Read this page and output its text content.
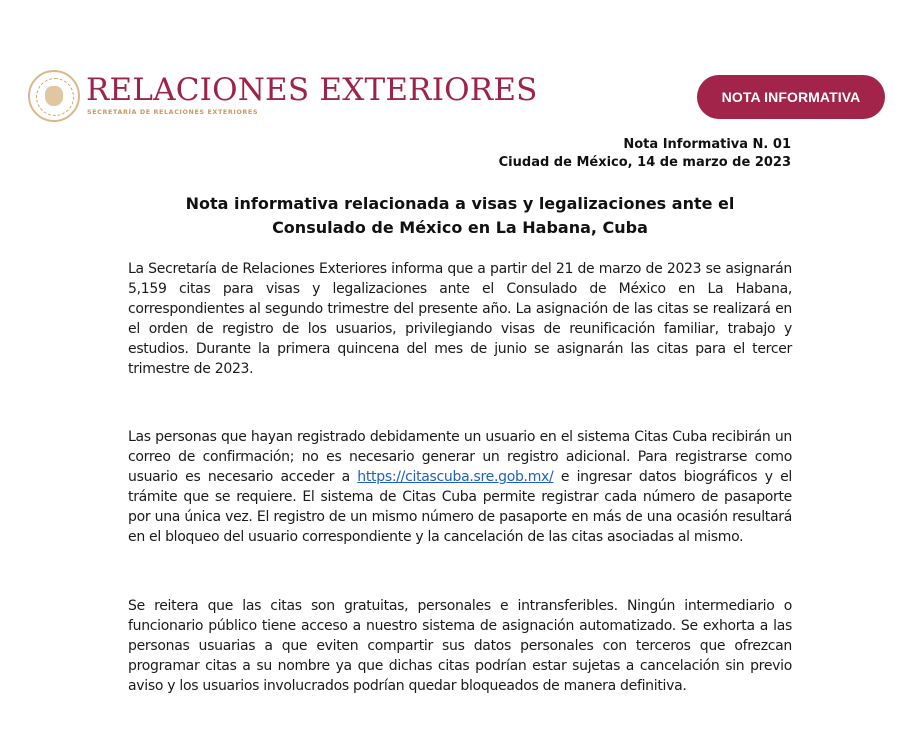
RELACIONES EXTERIORES
SECRETARÍA DE RELACIONES EXTERIORES
NOTA INFORMATIVA
Nota Informativa N. 01
Ciudad de México, 14 de marzo de 2023
Nota informativa relacionada a visas y legalizaciones ante el
Consulado de México en La Habana, Cuba
La Secretaría de Relaciones Exteriores informa que a partir del 21 de marzo de 2023 se asignarán 5,159 citas para visas y legalizaciones ante el Consulado de México en La Habana, correspondientes al segundo trimestre del presente año. La asignación de las citas se realizará en el orden de registro de los usuarios, privilegiando visas de reunificación familiar, trabajo y estudios. Durante la primera quincena del mes de junio se asignarán las citas para el tercer trimestre de 2023.
Las personas que hayan registrado debidamente un usuario en el sistema Citas Cuba recibirán un correo de confirmación; no es necesario generar un registro adicional. Para registrarse como usuario es necesario acceder a https://citascuba.sre.gob.mx/ e ingresar datos biográficos y el trámite que se requiere. El sistema de Citas Cuba permite registrar cada número de pasaporte por una única vez. El registro de un mismo número de pasaporte en más de una ocasión resultará en el bloqueo del usuario correspondiente y la cancelación de las citas asociadas al mismo.
Se reitera que las citas son gratuitas, personales e intransferibles. Ningún intermediario o funcionario público tiene acceso a nuestro sistema de asignación automatizado. Se exhorta a las personas usuarias a que eviten compartir sus datos personales con terceros que ofrezcan programar citas a su nombre ya que dichas citas podrían estar sujetas a cancelación sin previo aviso y los usuarios involucrados podrían quedar bloqueados de manera definitiva.
